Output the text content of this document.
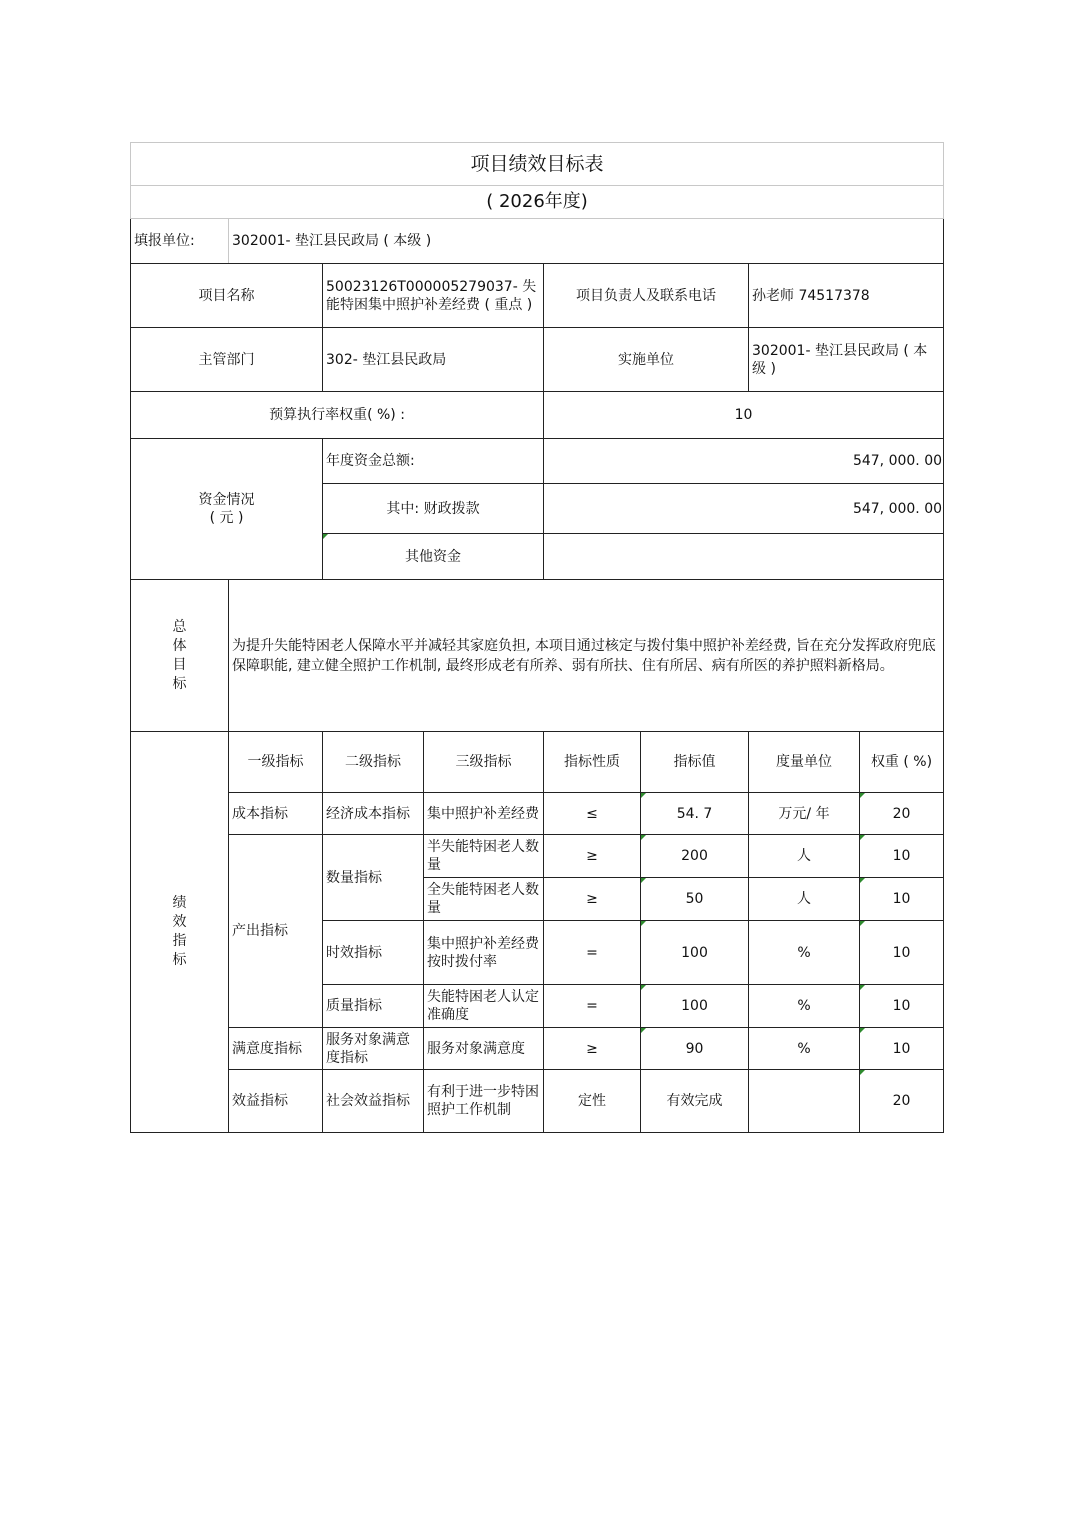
项目绩效目标表							
( 2026年度)							
填报单位:	302001- 垫江县民政局 ( 本级 )						
项目名称		50023126T000005279037- 失能特困集中照护补差经费 ( 重点 )		项目负责人及联系电话		孙老师 74517378	
主管部门		302- 垫江县民政局		实施单位		302001- 垫江县民政局 ( 本级 )	
预算执行率权重( %) :				10			

资金情况
( 元 )		年度资金总额:		547, 000. 00			
		其中: 财政拨款		547, 000. 00			
		其他资金					

总
体
目
标	为提升失能特困老人保障水平并减轻其家庭负担, 本项目通过核定与拨付集中照护补差经费, 旨在充分发挥政府兜底保障职能, 建立健全照护工作机制, 最终形成老有所养、弱有所扶、住有所居、病有所医的养护照料新格局。						

绩
效
指
标	一级指标	二级指标	三级指标	指标性质	指标值	度量单位	权重 ( %)
	成本指标	经济成本指标	集中照护补差经费	≤	54. 7	万元/ 年	20
	产出指标	数量指标	半失能特困老人数量	≥	200	人	10
			全失能特困老人数量	≥	50	人	10
		时效指标	集中照护补差经费按时拨付率	=	100	%	10
		质量指标	失能特困老人认定准确度	=	100	%	10
	满意度指标	服务对象满意度指标	服务对象满意度	≥	90	%	10
	效益指标	社会效益指标	有利于进一步特困照护工作机制	定性	有效完成		20
